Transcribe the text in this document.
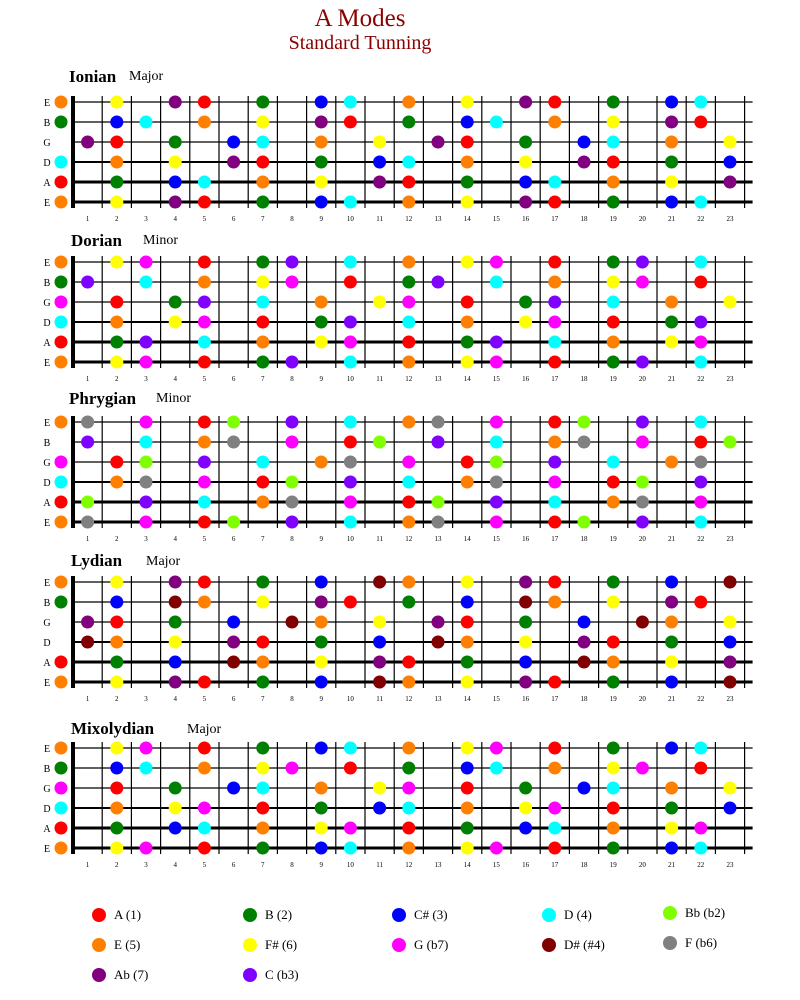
A Modes
Standard Tunning
Ionian Major
Dorian Minor
Phrygian Minor
Lydian Major
Mixolydian Major
E
B
G
D
A
E
1	2	3	4	5	6	7	8	9	10	11	12	13	14	15	16	17	18	19	20	21	22	23
E
B
G
D
A
E
1	2	3	4	5	6	7	8	9	10	11	12	13	14	15	16	17	18	19	20	21	22	23
E
B
G
D
A
E
1	2	3	4	5	6	7	8	9	10	11	12	13	14	15	16	17	18	19	20	21	22	23
E
B
G
D
A
E
1	2	3	4	5	6	7	8	9	10	11	12	13	14	15	16	17	18	19	20	21	22	23
E
B
G
D
A
E
1	2	3	4	5	6	7	8	9	10	11	12	13	14	15	16	17	18	19	20	21	22	23
A (1)	B (2)	C# (3)	D (4)	Bb (b2)
E (5)	F# (6)	G (b7)	D# (#4)	F (b6)
Ab (7)	C (b3)
